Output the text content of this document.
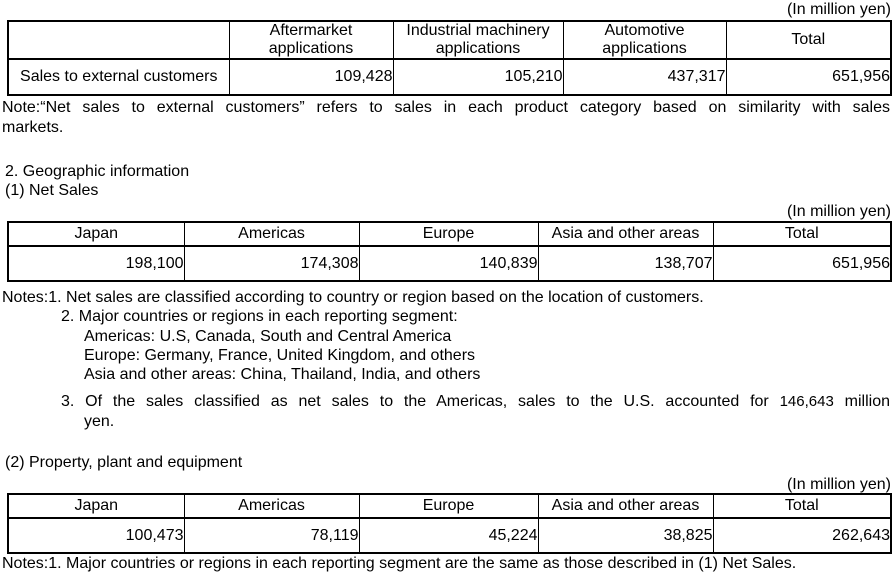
(In million yen)
	Aftermarket applications	Industrial machinery applications	Automotive applications	Total
Sales to external customers	109,428	105,210	437,317	651,956
Note:“Net sales to external customers” refers to sales in each product category based on similarity with sales
markets.
2. Geographic information
(1) Net Sales
(In million yen)
Japan	Americas	Europe	Asia and other areas	Total
198,100	174,308	140,839	138,707	651,956
Notes:1. Net sales are classified according to country or region based on the location of customers.
2. Major countries or regions in each reporting segment:
Americas: U.S, Canada, South and Central America
Europe: Germany, France, United Kingdom, and others
Asia and other areas: China, Thailand, India, and others
3. Of the sales classified as net sales to the Americas, sales to the U.S. accounted for 146,643 million
yen.
(2) Property, plant and equipment
(In million yen)
Japan	Americas	Europe	Asia and other areas	Total
100,473	78,119	45,224	38,825	262,643
Notes:1. Major countries or regions in each reporting segment are the same as those described in (1) Net Sales.
